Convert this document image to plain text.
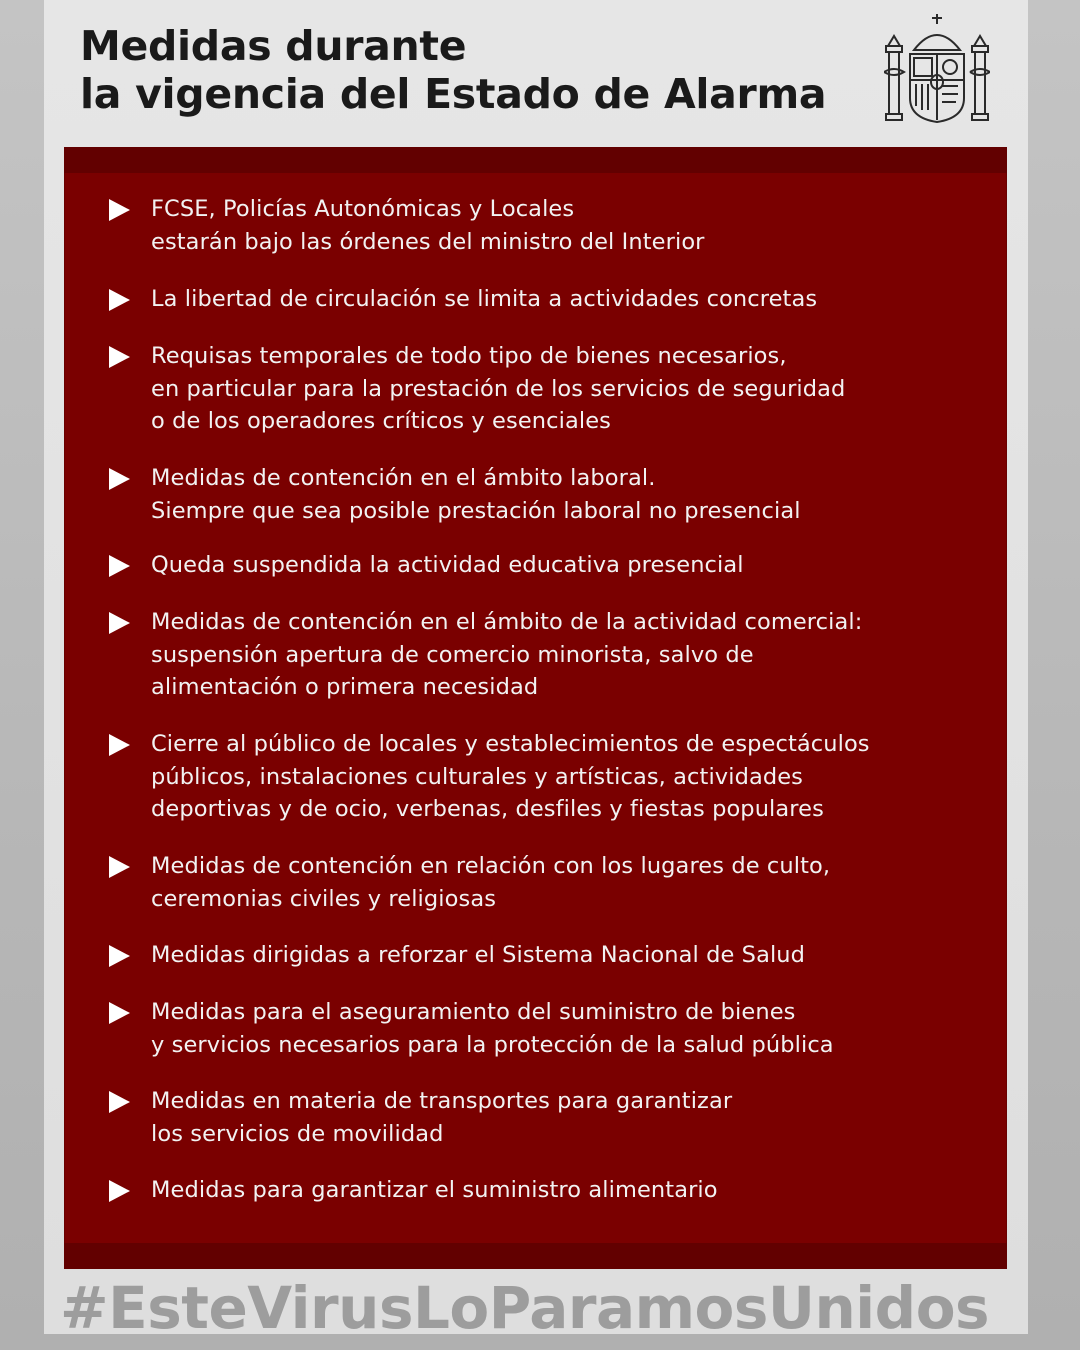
Medidas durante
la vigencia del Estado de Alarma
FCSE, Policías Autonómicas y Locales
estarán bajo las órdenes del ministro del Interior
La libertad de circulación se limita a actividades concretas
Requisas temporales de todo tipo de bienes necesarios,
en particular para la prestación de los servicios de seguridad
o de los operadores críticos y esenciales
Medidas de contención en el ámbito laboral.
Siempre que sea posible prestación laboral no presencial
Queda suspendida la actividad educativa presencial
Medidas de contención en el ámbito de la actividad comercial:
suspensión apertura de comercio minorista, salvo de
alimentación o primera necesidad
Cierre al público de locales y establecimientos de espectáculos
públicos, instalaciones culturales y artísticas, actividades
deportivas y de ocio, verbenas, desfiles y fiestas populares
Medidas de contención en relación con los lugares de culto,
ceremonias civiles y religiosas
Medidas dirigidas a reforzar el Sistema Nacional de Salud
Medidas para el aseguramiento del suministro de bienes
y servicios necesarios para la protección de la salud pública
Medidas en materia de transportes para garantizar
los servicios de movilidad
Medidas para garantizar el suministro alimentario
#EsteVirusLoParamosUnidos
